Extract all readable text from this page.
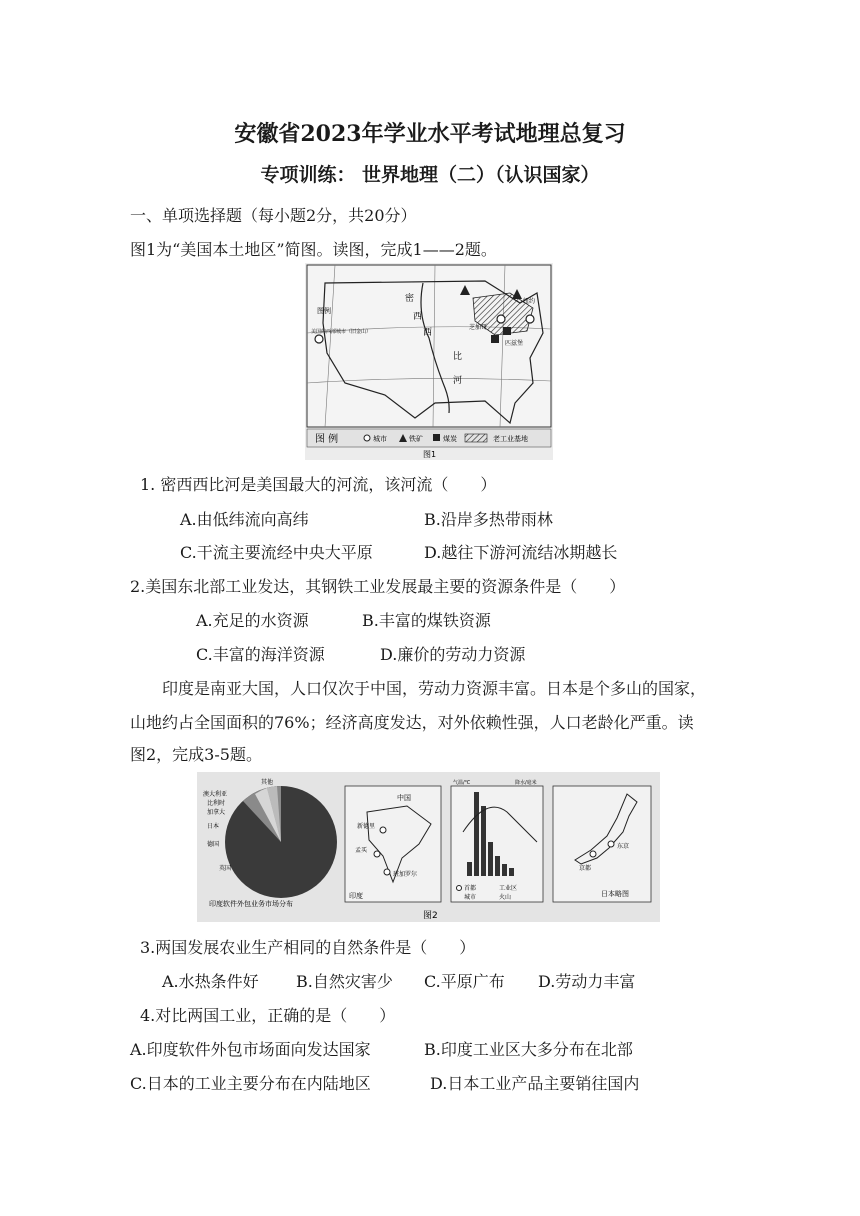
安徽省2023年学业水平考试地理总复习
专项训练： 世界地理（二）（认识国家）
一、单项选择题（每小题2分，共20分）
图1为“美国本土地区”简图。读图，完成1——2题。
密
西
西
比
河
纽约
芝加哥
匹兹堡
图例
美国的西部城市（旧金山）
图 例	城市	铁矿	煤炭	老工业基地
图1
1. 密西西比河是美国最大的河流，该河流（　　）
A.由低纬流向高纬	B.沿岸多热带雨林
C.干流主要流经中央大平原	D.越往下游河流结冰期越长
2.美国东北部工业发达，其钢铁工业发展最主要的资源条件是（　　）
A.充足的水资源	B.丰富的煤铁资源
C.丰富的海洋资源	D.廉价的劳动力资源
印度是南亚大国，人口仅次于中国，劳动力资源丰富。日本是个多山的国家，
山地约占全国面积的76%；经济高度发达，对外依赖性强，人口老龄化严重。读
图2，完成3-5题。
澳大利亚
比利时
加拿大
日本
德国
英国
其他
印度软件外包业务市场分布
中国
新德里
孟买
班加罗尔
印度
气温/℃	降水/毫米
首都	工业区
城市	火山
东京
京都
日本略图
图2
3.两国发展农业生产相同的自然条件是（　　）
A.水热条件好 B.自然灾害少 C.平原广布 D.劳动力丰富
4.对比两国工业，正确的是（　　）
A.印度软件外包市场面向发达国家	B.印度工业区大多分布在北部
C.日本的工业主要分布在内陆地区	D.日本工业产品主要销往国内
